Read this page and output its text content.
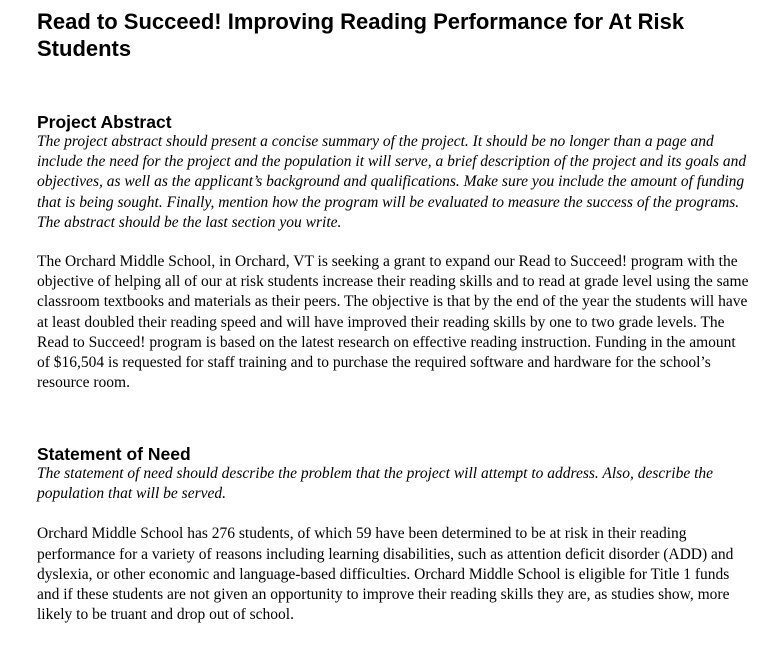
Read to Succeed! Improving Reading Performance for At Risk Students
Project Abstract

The project abstract should present a concise summary of the project. It should be no longer than a page and include the need for the project and the population it will serve, a brief description of the project and its goals and objectives, as well as the applicant’s background and qualifications. Make sure you include the amount of funding that is being sought. Finally, mention how the program will be evaluated to measure the success of the programs. The abstract should be the last section you write.

The Orchard Middle School, in Orchard, VT is seeking a grant to expand our Read to Succeed! program with the objective of helping all of our at risk students increase their reading skills and to read at grade level using the same classroom textbooks and materials as their peers. The objective is that by the end of the year the students will have at least doubled their reading speed and will have improved their reading skills by one to two grade levels. The Read to Succeed! program is based on the latest research on effective reading instruction. Funding in the amount of $16,504 is requested for staff training and to purchase the required software and hardware for the school’s resource room.

Statement of Need

The statement of need should describe the problem that the project will attempt to address. Also, describe the population that will be served.

Orchard Middle School has 276 students, of which 59 have been determined to be at risk in their reading performance for a variety of reasons including learning disabilities, such as attention deficit disorder (ADD) and dyslexia, or other economic and language-based difficulties. Orchard Middle School is eligible for Title 1 funds and if these students are not given an opportunity to improve their reading skills they are, as studies show, more likely to be truant and drop out of school.
